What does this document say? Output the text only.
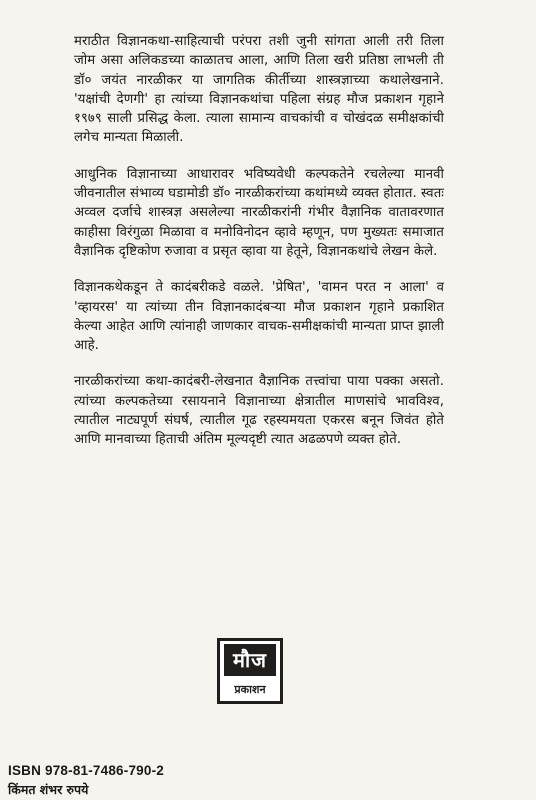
मराठीत विज्ञानकथा-साहित्याची परंपरा तशी जुनी सांगता आली तरी तिला जोम असा अलिकडच्या काळातच आला, आणि तिला खरी प्रतिष्ठा लाभली ती डॉ० जयंत नारळीकर या जागतिक कीर्तीच्या शास्त्रज्ञाच्या कथालेखनाने. 'यक्षांची देणगी' हा त्यांच्या विज्ञानकथांचा पहिला संग्रह मौज प्रकाशन गृहाने १९७९ साली प्रसिद्ध केला. त्याला सामान्य वाचकांची व चोखंदळ समीक्षकांची लगेच मान्यता मिळाली.

आधुनिक विज्ञानाच्या आधारावर भविष्यवेधी कल्पकतेने रचलेल्या मानवी जीवनातील संभाव्य घडामोडी डॉ० नारळीकरांच्या कथांमध्ये व्यक्त होतात. स्वतः अव्वल दर्जाचे शास्त्रज्ञ असलेल्या नारळीकरांनी गंभीर वैज्ञानिक वातावरणात काहीसा विरंगुळा मिळावा व मनोविनोदन व्हावे म्हणून, पण मुख्यतः समाजात वैज्ञानिक दृष्टिकोण रुजावा व प्रसृत व्हावा या हेतूने, विज्ञानकथांचे लेखन केले.

विज्ञानकथेकडून ते कादंबरीकडे वळले. 'प्रेषित', 'वामन परत न आला' व 'व्हायरस' या त्यांच्या तीन विज्ञानकादंबऱ्या मौज प्रकाशन गृहाने प्रकाशित केल्या आहेत आणि त्यांनाही जाणकार वाचक-समीक्षकांची मान्यता प्राप्त झाली आहे.

नारळीकरांच्या कथा-कादंबरी-लेखनात वैज्ञानिक तत्त्वांचा पाया पक्का असतो. त्यांच्या कल्पकतेच्या रसायनाने विज्ञानाच्या क्षेत्रातील माणसांचे भावविश्व, त्यातील नाट्यपूर्ण संघर्ष, त्यातील गूढ रहस्यमयता एकरस बनून जिवंत होते आणि मानवाच्या हिताची अंतिम मूल्यदृष्टी त्यात अढळपणे व्यक्त होते.

मौज
प्रकाशन
ISBN 978-81-7486-790-2
किंमत शंभर रुपये
